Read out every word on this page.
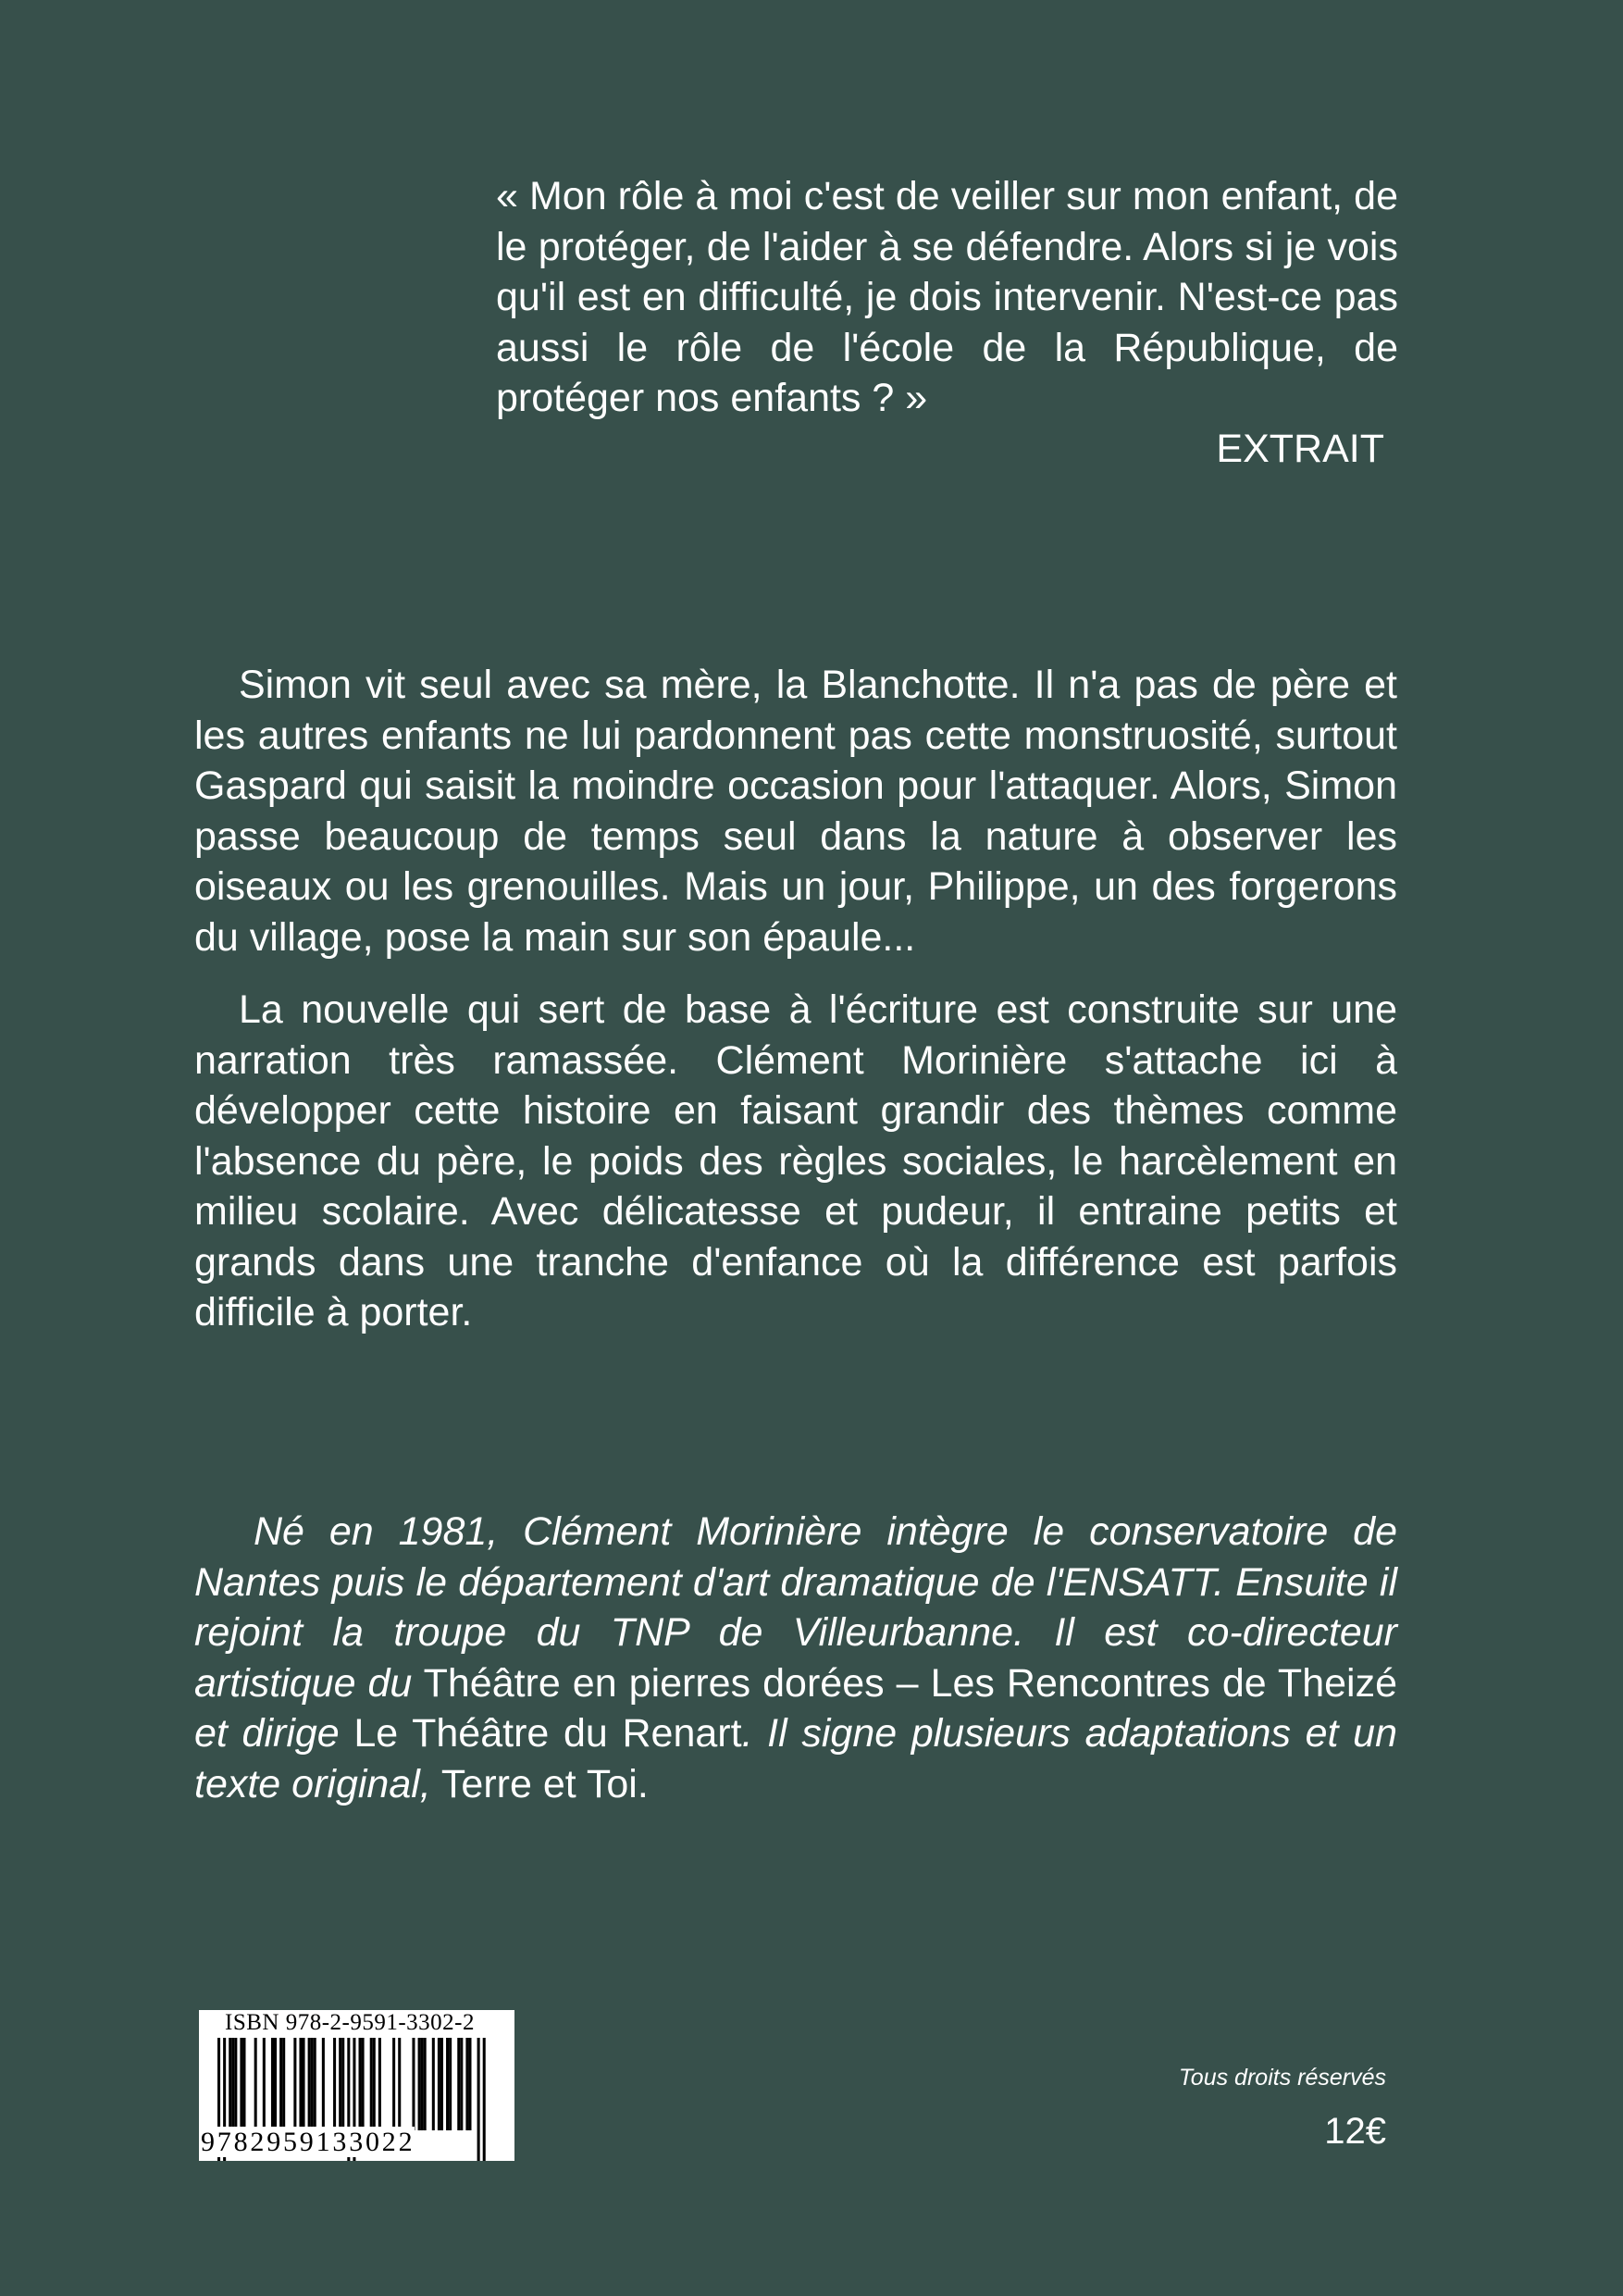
« Mon rôle à moi c'est de veiller sur mon enfant, de le protéger, de l'aider à se défendre. Alors si je vois qu'il est en difficulté, je dois intervenir. N'est-ce pas aussi le rôle de l'école de la République, de protéger nos enfants ? »

EXTRAIT

Simon vit seul avec sa mère, la Blanchotte. Il n'a pas de père et les autres enfants ne lui pardonnent pas cette monstruosité, surtout Gaspard qui saisit la moindre occasion pour l'attaquer. Alors, Simon passe beaucoup de temps seul dans la nature à observer les oiseaux ou les grenouilles. Mais un jour, Philippe, un des forgerons du village, pose la main sur son épaule...

La nouvelle qui sert de base à l'écriture est construite sur une narration très ramassée. Clément Morinière s'attache ici à développer cette histoire en faisant grandir des thèmes comme l'absence du père, le poids des règles sociales, le harcèlement en milieu scolaire. Avec délicatesse et pudeur, il entraine petits et grands dans une tranche d'enfance où la différence est parfois difficile à porter.

Né en 1981, Clément Morinière intègre le conservatoire de Nantes puis le département d'art dramatique de l'ENSATT. Ensuite il rejoint la troupe du TNP de Villeurbanne. Il est co-directeur artistique du Théâtre en pierres dorées – Les Rencontres de Theizé et dirige Le Théâtre du Renart. Il signe plusieurs adaptations et un texte original, Terre et Toi.
ISBN 978-2-9591-3302-2
9782959133022
Tous droits réservés
12€
